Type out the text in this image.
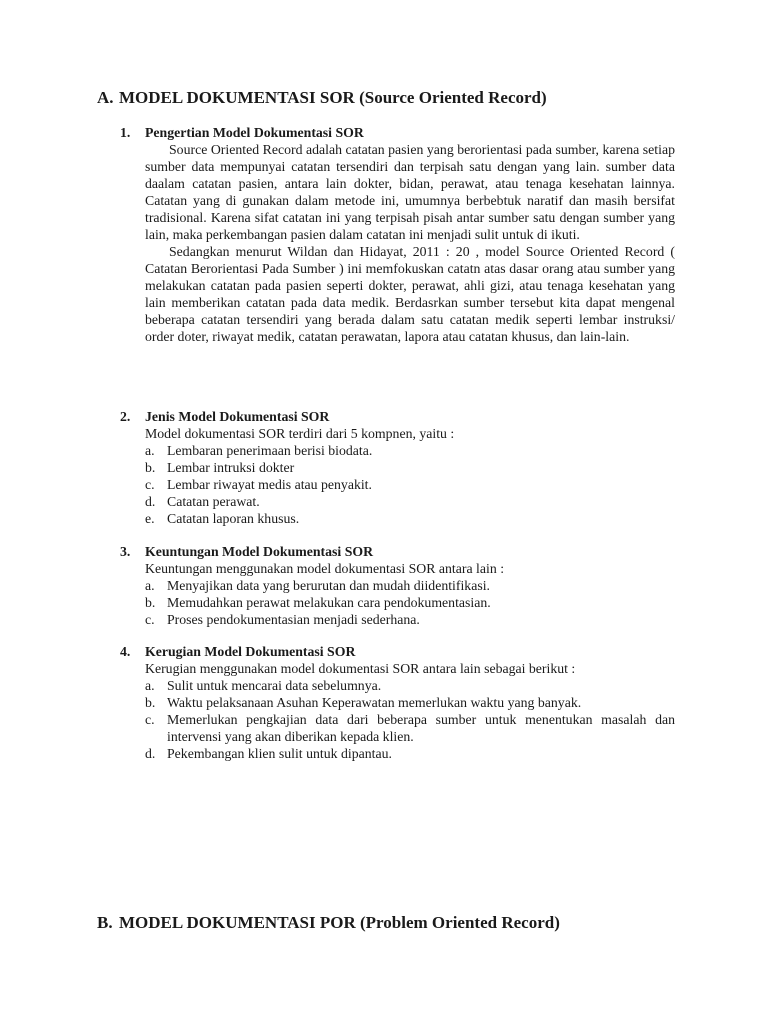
A. MODEL DOKUMENTASI SOR (Source Oriented Record)
1.	Pengertian Model Dokumentasi SOR

Source Oriented Record adalah catatan pasien yang berorientasi pada sumber, karena setiap sumber data mempunyai catatan tersendiri dan terpisah satu dengan yang lain. sumber data daalam catatan pasien, antara lain dokter, bidan, perawat, atau tenaga kesehatan lainnya. Catatan yang di gunakan dalam metode ini, umumnya berbebtuk naratif dan masih bersifat tradisional. Karena sifat catatan ini yang terpisah pisah antar sumber satu dengan sumber yang lain, maka perkembangan pasien dalam catatan ini menjadi sulit untuk di ikuti.

Sedangkan menurut Wildan dan Hidayat, 2011 : 20 , model Source Oriented Record ( Catatan Berorientasi Pada Sumber ) ini memfokuskan catatn atas dasar orang atau sumber yang melakukan catatan pada pasien seperti dokter, perawat, ahli gizi, atau tenaga kesehatan yang lain memberikan catatan pada data medik. Berdasrkan sumber tersebut kita dapat mengenal beberapa catatan tersendiri yang berada dalam satu catatan medik seperti lembar instruksi/ order doter, riwayat medik, catatan perawatan, lapora atau catatan khusus, dan lain-lain.

2.	Jenis Model Dokumentasi SOR

Model dokumentasi SOR terdiri dari 5 kompnen, yaitu :

a. Lembaran penerimaan berisi biodata.
b. Lembar intruksi dokter
c. Lembar riwayat medis atau penyakit.
d. Catatan perawat.
e. Catatan laporan khusus.
3.	Keuntungan Model Dokumentasi SOR

Keuntungan menggunakan model dokumentasi SOR antara lain :

a. Menyajikan data yang berurutan dan mudah diidentifikasi.
b. Memudahkan perawat melakukan cara pendokumentasian.
c. Proses pendokumentasian menjadi sederhana.
4.	Kerugian Model Dokumentasi SOR

Kerugian menggunakan model dokumentasi SOR antara lain sebagai berikut :

a. Sulit untuk mencarai data sebelumnya.
b. Waktu pelaksanaan Asuhan Keperawatan memerlukan waktu yang banyak.
c. Memerlukan pengkajian data dari beberapa sumber untuk menentukan masalah dan intervensi yang akan diberikan kepada klien.
d. Pekembangan klien sulit untuk dipantau.
B. MODEL DOKUMENTASI POR (Problem Oriented Record)
